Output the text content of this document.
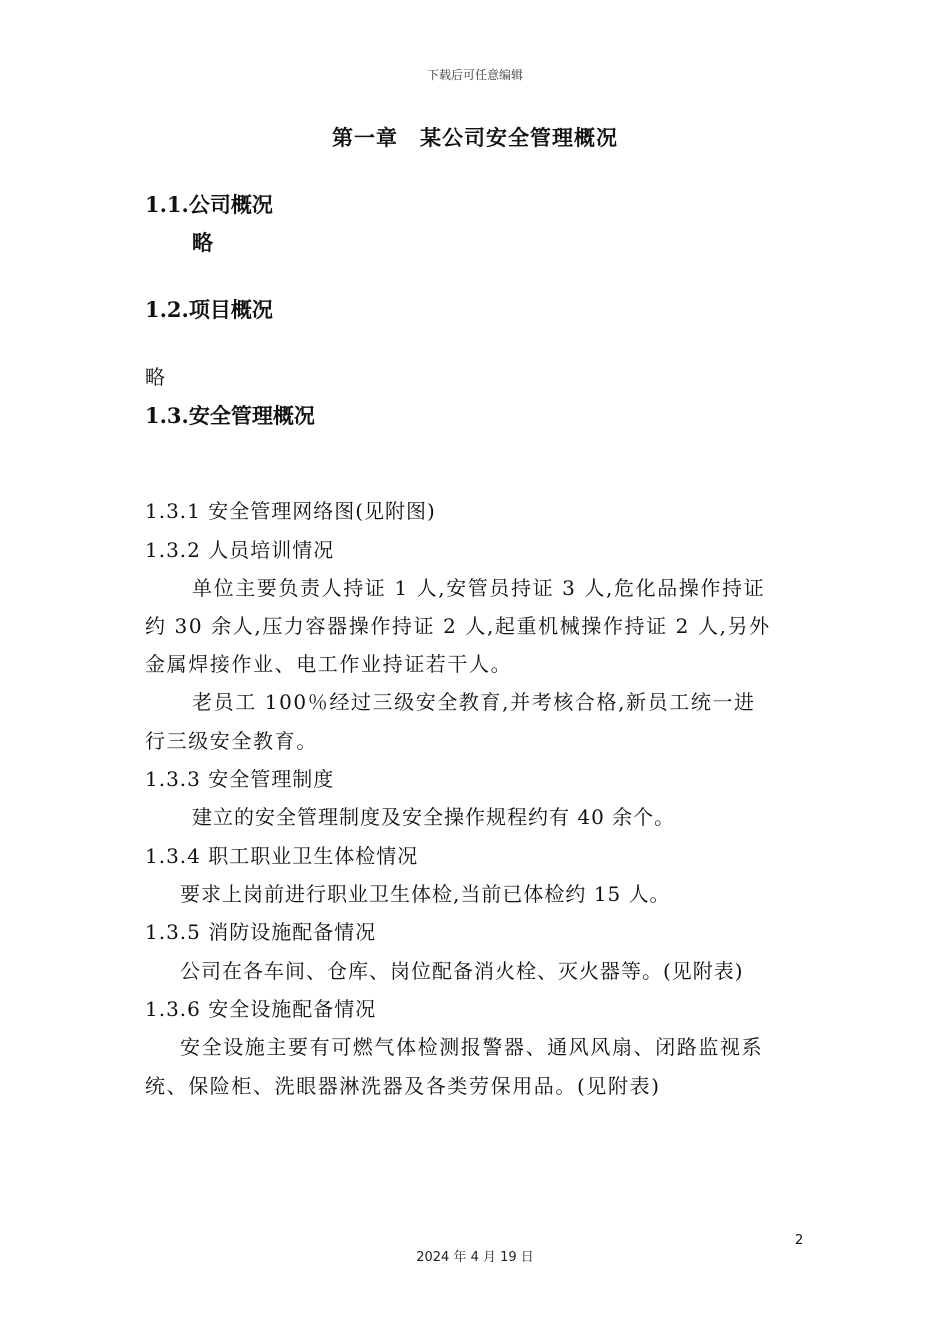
下载后可任意编辑
第一章　某公司安全管理概况
1.1.公司概况
略
1.2.项目概况
略
1.3.安全管理概况
1.3.1 安全管理网络图(见附图)
1.3.2 人员培训情况
单位主要负责人持证 1 人,安管员持证 3 人,危化品操作持证
约 30 余人,压力容器操作持证 2 人,起重机械操作持证 2 人,另外
金属焊接作业、电工作业持证若干人。
老员工 100％经过三级安全教育,并考核合格,新员工统一进
行三级安全教育。
1.3.3 安全管理制度
建立的安全管理制度及安全操作规程约有 40 余个。
1.3.4 职工职业卫生体检情况
要求上岗前进行职业卫生体检,当前已体检约 15 人。
1.3.5 消防设施配备情况
公司在各车间、仓库、岗位配备消火栓、灭火器等。(见附表)
1.3.6 安全设施配备情况
安全设施主要有可燃气体检测报警器、通风风扇、闭路监视系
统、保险柜、洗眼器淋洗器及各类劳保用品。(见附表)
2
2024 年 4 月 19 日
